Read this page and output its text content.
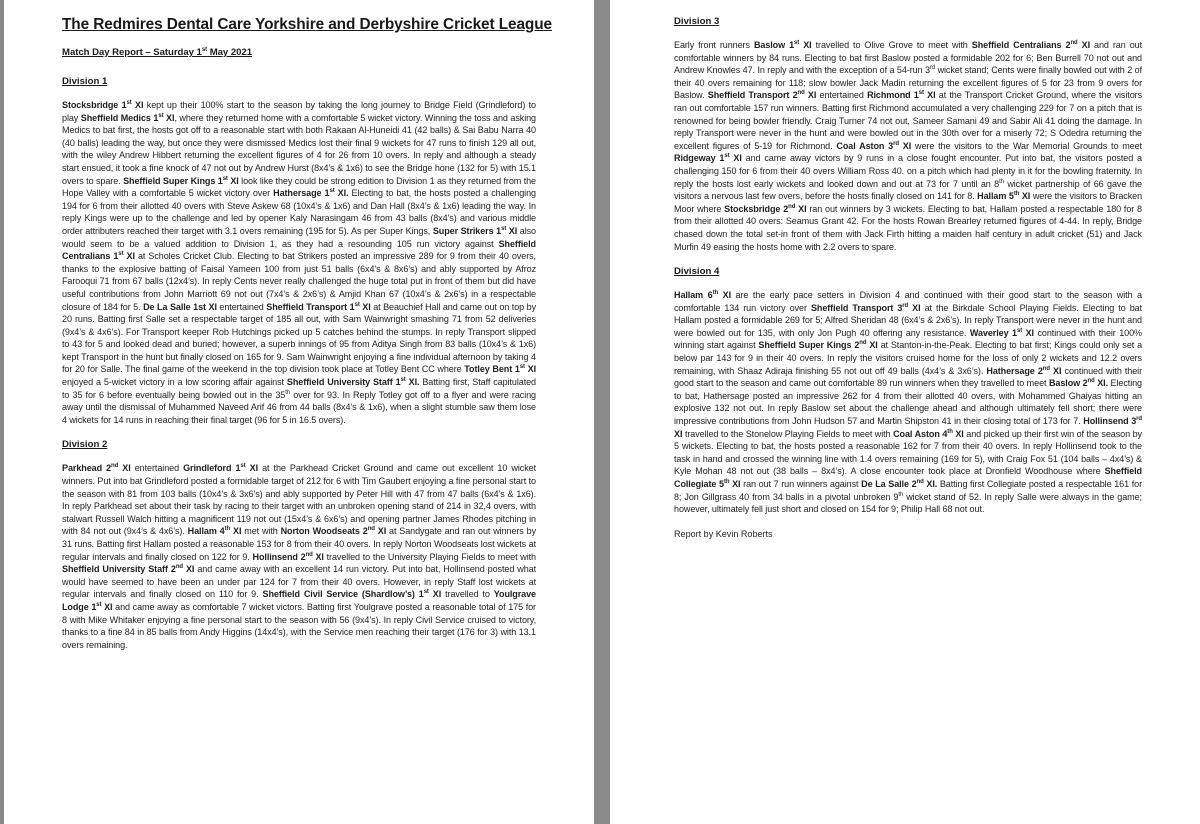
The Redmires Dental Care Yorkshire and Derbyshire Cricket League
Match Day Report – Saturday 1st May 2021
Division 1

Stocksbridge 1st XI kept up their 100% start to the season by taking the long journey to Bridge Field (Grindleford) to play Sheffield Medics 1st XI, where they returned home with a comfortable 5 wicket victory. Winning the toss and asking Medics to bat first, the hosts got off to a reasonable start with both Rakaan Al-Huneidi 41 (42 balls) & Sai Babu Narra 40 (40 balls) leading the way, but once they were dismissed Medics lost their final 9 wickets for 47 runs to finish 129 all out, with the wiley Andrew Hibbert returning the excellent figures of 4 for 26 from 10 overs. In reply and although a steady start ensued, it took a fine knock of 47 not out by Andrew Hurst (8x4’s & 1x6) to see the Bridge hone (132 for 5) with 15.1 overs to spare. Sheffield Super Kings 1st XI look like they could be strong edition to Division 1 as they returned from the Hope Valley with a comfortable 5 wicket victory over Hathersage 1st XI. Electing to bat, the hosts posted a challenging 194 for 6 from their allotted 40 overs with Steve Askew 68 (10x4’s & 1x6) and Dan Hall (8x4’s & 1x6) leading the way. In reply Kings were up to the challenge and led by opener Kaly Narasingam 46 from 43 balls (8x4’s) and various middle order attributers reached their target with 3.1 overs remaining (195 for 5). As per Super Kings, Super Strikers 1st XI also would seem to be a valued addition to Division 1, as they had a resounding 105 run victory against Sheffield Centralians 1st XI at Scholes Cricket Club. Electing to bat Strikers posted an impressive 289 for 9 from their 40 overs, thanks to the explosive batting of Faisal Yameen 100 from just 51 balls (6x4’s & 8x6’s) and ably supported by Afroz Farooqui 71 from 67 balls (12x4’s). In reply Cents never really challenged the huge total put in front of them but did have useful contributions from John Marriott 69 not out (7x4’s & 2x6’s) & Amjid Khan 67 (10x4’s & 2x6’s) in a respectable closure of 184 for 5. De La Salle 1st XI entertained Sheffield Transport 1st XI at Beauchief Hall and came out on top by 20 runs. Batting first Salle set a respectable target of 185 all out, with Sam Wainwright smashing 71 from 52 deliveries (9x4’s & 4x6’s). For Transport keeper Rob Hutchings picked up 5 catches behind the stumps. In reply Transport slipped to 43 for 5 and looked dead and buried; however, a superb innings of 95 from Aditya Singh from 83 balls (10x4’s & 1x6) kept Transport in the hunt but finally closed on 165 for 9. Sam Wainwright enjoying a fine individual afternoon by taking 4 for 20 for Salle. The final game of the weekend in the top division took place at Totley Bent CC where Totley Bent 1st XI enjoyed a 5-wicket victory in a low scoring affair against Sheffield University Staff 1st XI. Batting first, Staff capitulated to 35 for 6 before eventually being bowled out in the 35th over for 93. In Reply Totley got off to a flyer and were racing away until the dismissal of Muhammed Naveed Arif 46 from 44 balls (8x4’s & 1x6), when a slight stumble saw them lose 4 wickets for 14 runs in reaching their final target (96 for 5 in 16.5 overs).

Division 2

Parkhead 2nd XI entertained Grindleford 1st XI at the Parkhead Cricket Ground and came out excellent 10 wicket winners. Put into bat Grindleford posted a formidable target of 212 for 6 with Tim Gaubert enjoying a fine personal start to the season with 81 from 103 balls (10x4’s & 3x6’s) and ably supported by Peter Hill with 47 from 47 balls (6x4’s & 1x6). In reply Parkhead set about their task by racing to their target with an unbroken opening stand of 214 in 32,4 overs, with stalwart Russell Walch hitting a magnificent 119 not out (15x4’s & 6x6’s) and opening partner James Rhodes pitching in with 84 not out (9x4’s & 4x6’s). Hallam 4th XI met with Norton Woodseats 2nd XI at Sandygate and ran out winners by 31 runs. Batting first Hallam posted a reasonable 153 for 8 from their 40 overs. In reply Norton Woodseats lost wickets at regular intervals and finally closed on 122 for 9. Hollinsend 2nd XI travelled to the University Playing Fields to meet with Sheffield University Staff 2nd XI and came away with an excellent 14 run victory. Put into bat, Hollinsend posted what would have seemed to have been an under par 124 for 7 from their 40 overs. However, in reply Staff lost wickets at regular intervals and finally closed on 110 for 9. Sheffield Civil Service (Shardlow’s) 1st XI travelled to Youlgrave Lodge 1st XI and came away as comfortable 7 wicket victors. Batting first Youlgrave posted a reasonable total of 175 for 8 with Mike Whitaker enjoying a fine personal start to the season with 56 (9x4’s). In reply Civil Service cruised to victory, thanks to a fine 84 in 85 balls from Andy Higgins (14x4’s), with the Service men reaching their target (176 for 3) with 13.1 overs remaining.

Division 3

Early front runners Baslow 1st XI travelled to Olive Grove to meet with Sheffield Centralians 2nd XI and ran out comfortable winners by 84 runs. Electing to bat first Baslow posted a formidable 202 for 6; Ben Burrell 70 not out and Andrew Knowles 47. In reply and with the exception of a 54-run 3rd wicket stand; Cents were finally bowled out with 2 of their 40 overs remaining for 118; slow bowler Jack Madin returning the excellent figures of 5 for 23 from 9 overs for Baslow. Sheffield Transport 2nd XI entertained Richmond 1st XI at the Transport Cricket Ground, where the visitors ran out comfortable 157 run winners. Batting first Richmond accumulated a very challenging 229 for 7 on a pitch that is renowned for being bowler friendly. Craig Turner 74 not out, Sameer Samani 49 and Sabir Ali 41 doing the damage. In reply Transport were never in the hunt and were bowled out in the 30th over for a miserly 72; S Odedra returning the excellent figures of 5-19 for Richmond. Coal Aston 3rd XI were the visitors to the War Memorial Grounds to meet Ridgeway 1st XI and came away victors by 9 runs in a close fought encounter. Put into bat, the visitors posted a challenging 150 for 6 from their 40 overs William Ross 40. on a pitch which had plenty in it for the bowling fraternity. In reply the hosts lost early wickets and looked down and out at 73 for 7 until an 8th wicket partnership of 66 gave the visitors a nervous last few overs, before the hosts finally closed on 141 for 8. Hallam 5th XI were the visitors to Bracken Moor where Stocksbridge 2nd XI ran out winners by 3 wickets. Electing to bat, Hallam posted a respectable 180 for 8 from their allotted 40 overs: Seamus Grant 42. For the hosts Rowan Brearley returned figures of 4-44. In reply, Bridge chased down the total set-in front of them with Jack Firth hitting a maiden half century in adult cricket (51) and Jack Murfin 49 easing the hosts home with 2.2 overs to spare.

Division 4

Hallam 6th XI are the early pace setters in Division 4 and continued with their good start to the season with a comfortable 134 run victory over Sheffield Transport 3rd XI at the Birkdale School Playing Fields. Electing to bat Hallam posted a formidable 269 for 5; Alfred Sheridan 48 (6x4’s & 2x6’s). In reply Transport were never in the hunt and were bowled out for 135, with only Jon Pugh 40 offering any resistance. Waverley 1st XI continued with their 100% winning start against Sheffield Super Kings 2nd XI at Stanton-in-the-Peak. Electing to bat first; Kings could only set a below par 143 for 9 in their 40 overs. In reply the visitors cruised home for the loss of only 2 wickets and 12.2 overs remaining, with Shaaz Adiraja finishing 55 not out off 49 balls (4x4’s & 3x6’s). Hathersage 2nd XI continued with their good start to the season and came out comfortable 89 run winners when they travelled to meet Baslow 2nd XI. Electing to bat, Hathersage posted an impressive 262 for 4 from their allotted 40 overs, with Mohammed Ghaiyas hitting an explosive 132 not out. In reply Baslow set about the challenge ahead and although ultimately fell short; there were impressive contributions from John Hudson 57 and Martin Shipston 41 in their closing total of 173 for 7. Hollinsend 3rd XI travelled to the Stonelow Playing Fields to meet with Coal Aston 4th XI and picked up their first win of the season by 5 wickets. Electing to bat, the hosts posted a reasonable 162 for 7 from their 40 overs. In reply Hollinsend took to the task in hand and crossed the winning line with 1.4 overs remaining (169 for 5), with Craig Fox 51 (104 balls – 4x4’s) & Kyle Mohan 48 not out (38 balls – 8x4’s). A close encounter took place at Dronfield Woodhouse where Sheffield Collegiate 5th XI ran out 7 run winners against De La Salle 2nd XI. Batting first Collegiate posted a respectable 161 for 8; Jon Gillgrass 40 from 34 balls in a pivotal unbroken 9th wicket stand of 52. In reply Salle were always in the game; however, ultimately fell just short and closed on 154 for 9; Philip Hall 68 not out.

Report by Kevin Roberts
